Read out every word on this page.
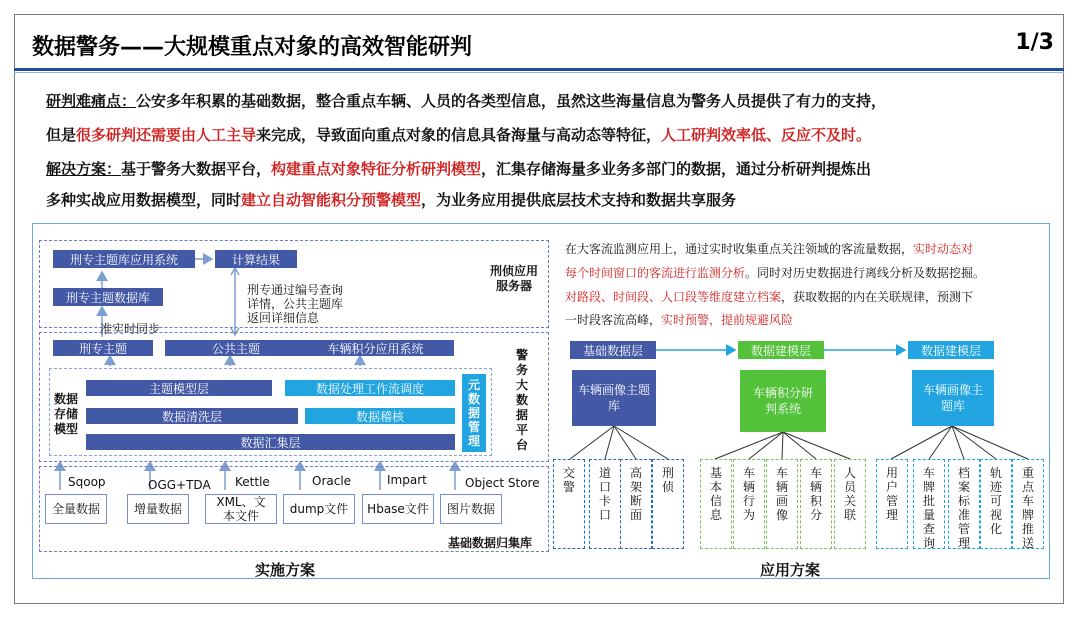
数据警务——大规模重点对象的高效智能研判	1/3
研判难痛点：公安多年积累的基础数据，整合重点车辆、人员的各类型信息，虽然这些海量信息为警务人员提供了有力的支持，
但是很多研判还需要由人工主导来完成，导致面向重点对象的信息具备海量与高动态等特征，人工研判效率低、反应不及时。
解决方案：基于警务大数据平台，构建重点对象特征分析研判模型，汇集存储海量多业务多部门的数据，通过分析研判提炼出
多种实战应用数据模型，同时建立自动智能积分预警模型，为业务应用提供底层技术支持和数据共享服务
刑专主题库应用系统	计算结果
刑专主题数据库
刑专通过编号查询
详情，公共主题库
返回详细信息
准实时同步
刑侦应用
服务器
刑专主题	公共主题	车辆积分应用系统	警务大数据平台
数据存储模型
主题模型层	数据处理工作流调度
数据清洗层	数据稽核
数据汇集层
元数据管理
Sqoop	OGG+TDA Kettle	Oracle	Impart	Object Store
全量数据	增量数据	XML、文本文件	dump文件	Hbase文件	图片数据
基础数据归集库
实施方案
在大客流监测应用上，通过实时收集重点关注领域的客流量数据，实时动态对
每个时间窗口的客流进行监测分析。同时对历史数据进行离线分析及数据挖掘。
对路段、时间段、人口段等维度建立档案，获取数据的内在关联规律，预测下
一时段客流高峰，实时预警，提前规避风险
基础数据层	数据建模层	数据建模层
车辆画像主题库
车辆积分研判系统
车辆画像主题库
交警
道口卡口
高架断面
刑侦
基本信息
车辆行为
车辆画像
车辆积分
人员关联
用户管理
车牌批量查询
档案标准管理
轨迹可视化
重点车牌推送
应用方案
